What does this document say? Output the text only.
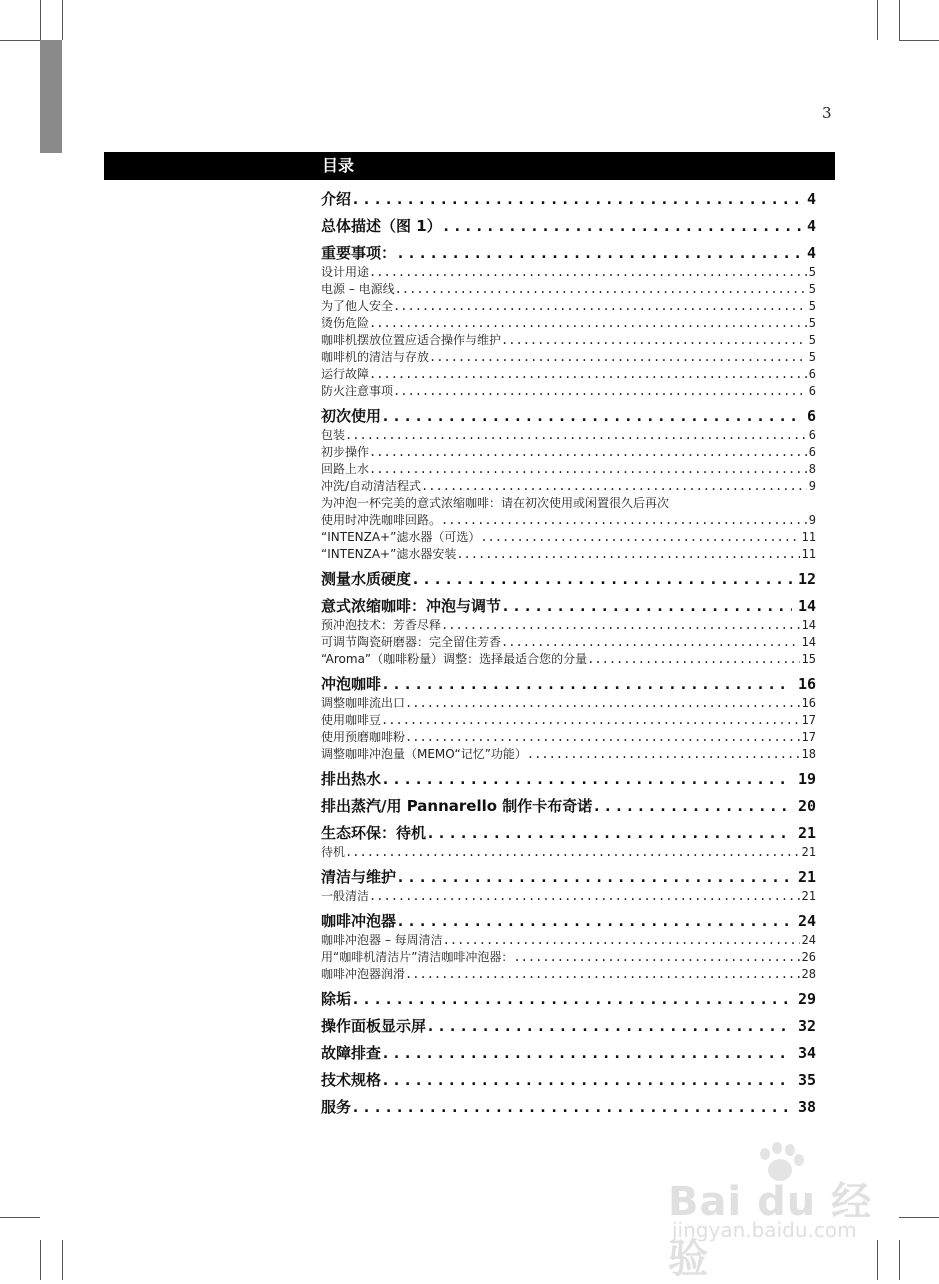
3
目录
介绍 .....	4
总体描述（图 1） .....	4
重要事项： .....	4
设计用途 .....	5
电源 – 电源线 .....	5
为了他人安全 .....	5
烫伤危险 .....	5
咖啡机摆放位置应适合操作与维护 .....	5
咖啡机的清洁与存放 .....	5
运行故障 .....	6
防火注意事项 .....	6
初次使用 .....	6
包装 .....	6
初步操作 .....	6
回路上水 .....	8
冲洗/自动清洁程式 .....	9
为冲泡一杯完美的意式浓缩咖啡：请在初次使用或闲置很久后再次
使用时冲洗咖啡回路。 .....	9
“INTENZA+”滤水器（可选） .....	11
“INTENZA+”滤水器安装 .....	11
测量水质硬度 .....	12
意式浓缩咖啡：冲泡与调节 .....	14
预冲泡技术：芳香尽释 .....	14
可调节陶瓷研磨器：完全留住芳香 .....	14
“Aroma”（咖啡粉量）调整：选择最适合您的分量 .....	15
冲泡咖啡 .....	16
调整咖啡流出口 .....	16
使用咖啡豆 .....	17
使用预磨咖啡粉 .....	17
调整咖啡冲泡量（MEMO“记忆”功能） .....	18
排出热水 .....	19
排出蒸汽/用 Pannarello 制作卡布奇诺 .....	20
生态环保：待机 .....	21
待机 .....	21
清洁与维护 .....	21
一般清洁 .....	21
咖啡冲泡器 .....	24
咖啡冲泡器 – 每周清洁 .....	24
用“咖啡机清洁片”清洁咖啡冲泡器： .....	26
咖啡冲泡器润滑 .....	28
除垢 .....	29
操作面板显示屏 .....	32
故障排查 .....	34
技术规格 .....	35
服务 .....	38
Bai du 经验
jingyan.baidu.com
